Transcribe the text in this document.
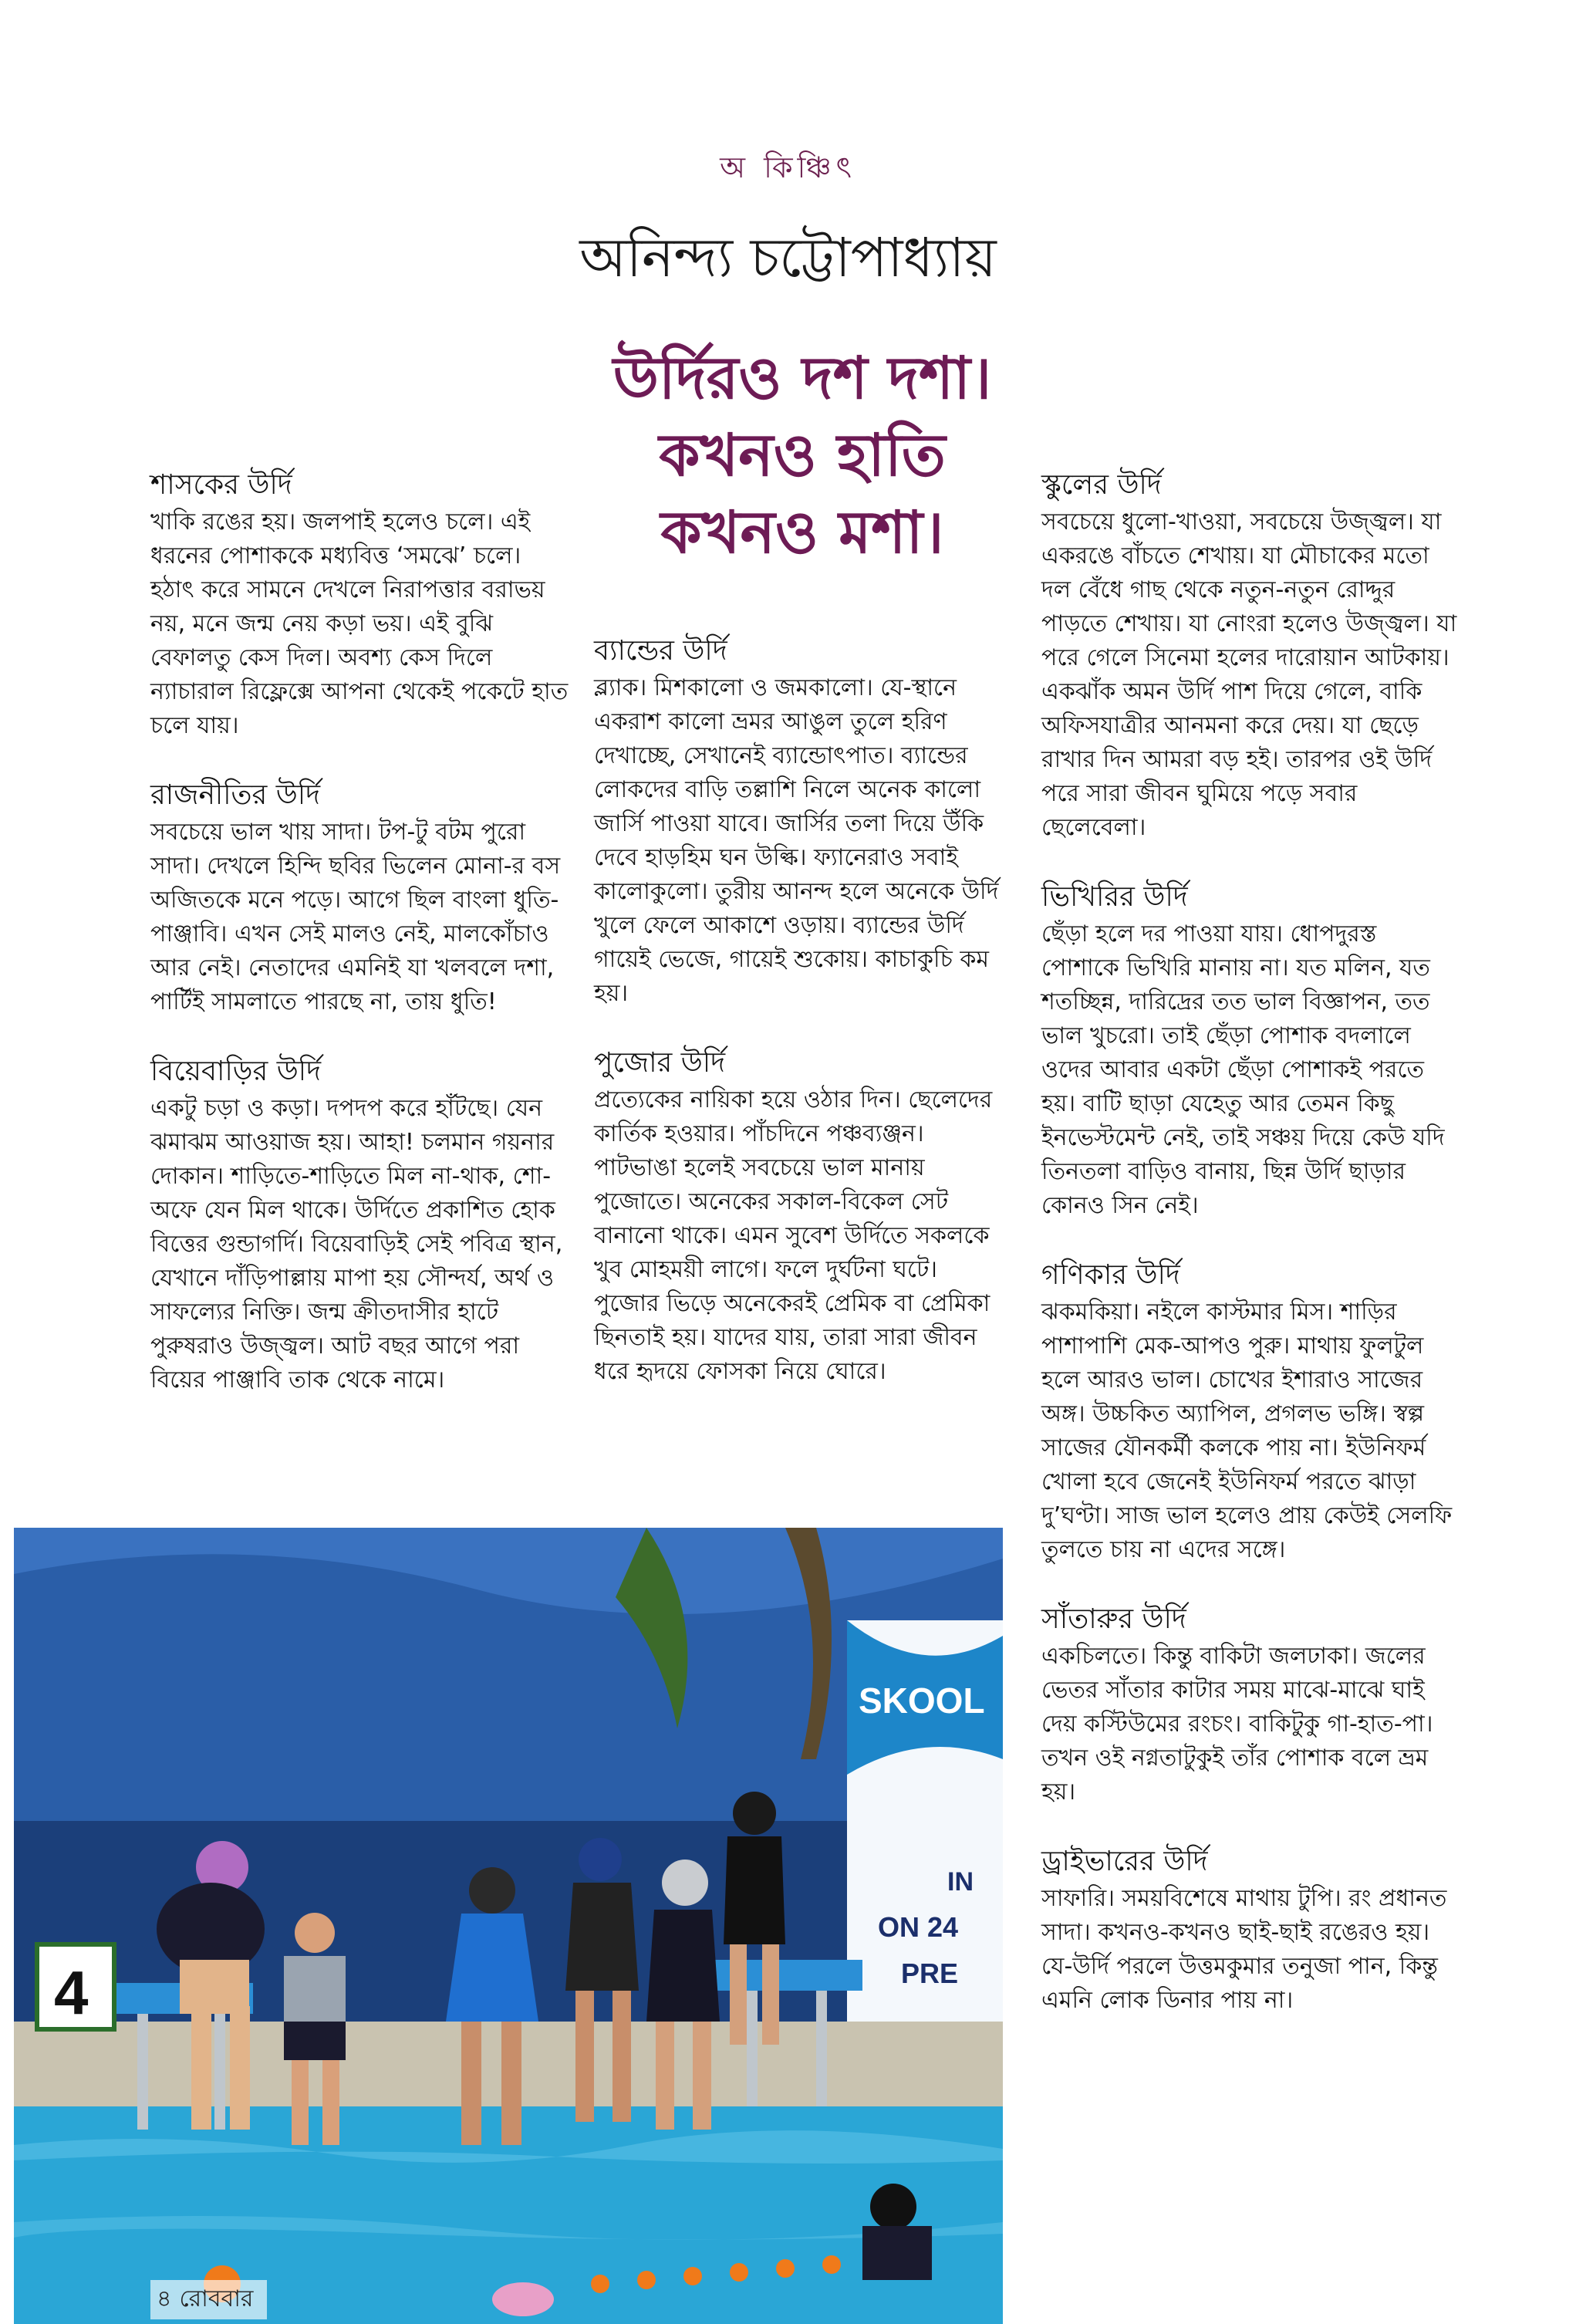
অ কিঞ্চিৎ
অনিন্দ্য চট্টোপাধ্যায়
উর্দিরও দশ দশা।
কখনও হাতি
কখনও মশা।
শাসকের উর্দি
খাকি রঙের হয়। জলপাই হলেও চলে। এই ধরনের পোশাককে মধ্যবিত্ত ‘সমঝে’ চলে। হঠাৎ করে সামনে দেখলে নিরাপত্তার বরাভয় নয়, মনে জন্ম নেয় কড়া ভয়। এই বুঝি বেফালতু কেস দিল। অবশ্য কেস দিলে ন্যাচারাল রিফ্লেক্সে আপনা থেকেই পকেটে হাত চলে যায়।
রাজনীতির উর্দি
সবচেয়ে ভাল খায় সাদা। টপ-টু বটম পুরো সাদা। দেখলে হিন্দি ছবির ভিলেন মোনা-র বস অজিতকে মনে পড়ে। আগে ছিল বাংলা ধুতি-পাঞ্জাবি। এখন সেই মালও নেই, মালকোঁচাও আর নেই। নেতাদের এমনিই যা খলবলে দশা, পার্টিই সামলাতে পারছে না, তায় ধুতি!
বিয়েবাড়ির উর্দি
একটু চড়া ও কড়া। দপদপ করে হাঁটছে। যেন ঝমাঝম আওয়াজ হয়। আহা! চলমান গয়নার দোকান। শাড়িতে-শাড়িতে মিল না-থাক, শো-অফে যেন মিল থাকে। উর্দিতে প্রকাশিত হোক বিত্তের গুন্ডাগর্দি। বিয়েবাড়িই সেই পবিত্র স্থান, যেখানে দাঁড়িপাল্লায় মাপা হয় সৌন্দর্য, অর্থ ও সাফল্যের নিক্তি। জন্ম ক্রীতদাসীর হাটে পুরুষরাও উজ্জ্বল। আট বছর আগে পরা বিয়ের পাঞ্জাবি তাক থেকে নামে।
ব্যান্ডের উর্দি
ব্ল্যাক। মিশকালো ও জমকালো। যে-স্থানে একরাশ কালো ভ্রমর আঙুল তুলে হরিণ দেখাচ্ছে, সেখানেই ব্যান্ডোৎপাত। ব্যান্ডের লোকদের বাড়ি তল্লাশি নিলে অনেক কালো জার্সি পাওয়া যাবে। জার্সির তলা দিয়ে উঁকি দেবে হাড়হিম ঘন উল্কি। ফ্যানেরাও সবাই কালোকুলো। তুরীয় আনন্দ হলে অনেকে উর্দি খুলে ফেলে আকাশে ওড়ায়। ব্যান্ডের উর্দি গায়েই ভেজে, গায়েই শুকোয়। কাচাকুচি কম হয়।
পুজোর উর্দি
প্রত্যেকের নায়িকা হয়ে ওঠার দিন। ছেলেদের কার্তিক হওয়ার। পাঁচদিনে পঞ্চব্যঞ্জন। পাটভাঙা হলেই সবচেয়ে ভাল মানায় পুজোতে। অনেকের সকাল-বিকেল সেট বানানো থাকে। এমন সুবেশ উর্দিতে সকলকে খুব মোহময়ী লাগে। ফলে দুর্ঘটনা ঘটে। পুজোর ভিড়ে অনেকেরই প্রেমিক বা প্রেমিকা ছিনতাই হয়। যাদের যায়, তারা সারা জীবন ধরে হৃদয়ে ফোসকা নিয়ে ঘোরে।
স্কুলের উর্দি
সবচেয়ে ধুলো-খাওয়া, সবচেয়ে উজ্জ্বল। যা একরঙে বাঁচতে শেখায়। যা মৌচাকের মতো দল বেঁধে গাছ থেকে নতুন-নতুন রোদ্দুর পাড়তে শেখায়। যা নোংরা হলেও উজ্জ্বল। যা পরে গেলে সিনেমা হলের দারোয়ান আটকায়। একঝাঁক অমন উর্দি পাশ দিয়ে গেলে, বাকি অফিসযাত্রীর আনমনা করে দেয়। যা ছেড়ে রাখার দিন আমরা বড় হই। তারপর ওই উর্দি পরে সারা জীবন ঘুমিয়ে পড়ে সবার ছেলেবেলা।
ভিখিরির উর্দি
ছেঁড়া হলে দর পাওয়া যায়। ধোপদুরস্ত পোশাকে ভিখিরি মানায় না। যত মলিন, যত শতচ্ছিন্ন, দারিদ্রের তত ভাল বিজ্ঞাপন, তত ভাল খুচরো। তাই ছেঁড়া পোশাক বদলালে ওদের আবার একটা ছেঁড়া পোশাকই পরতে হয়। বাটি ছাড়া যেহেতু আর তেমন কিছু ইনভেস্টমেন্ট নেই, তাই সঞ্চয় দিয়ে কেউ যদি তিনতলা বাড়িও বানায়, ছিন্ন উর্দি ছাড়ার কোনও সিন নেই।
গণিকার উর্দি
ঝকমকিয়া। নইলে কাস্টমার মিস। শাড়ির পাশাপাশি মেক-আপও পুরু। মাথায় ফুলটুল হলে আরও ভাল। চোখের ইশারাও সাজের অঙ্গ। উচ্চকিত অ্যাপিল, প্রগলভ ভঙ্গি। স্বল্প সাজের যৌনকর্মী কলকে পায় না। ইউনিফর্ম খোলা হবে জেনেই ইউনিফর্ম পরতে ঝাড়া দু’ঘণ্টা। সাজ ভাল হলেও প্রায় কেউই সেলফি তুলতে চায় না এদের সঙ্গে।
সাঁতারুর উর্দি
একচিলতে। কিন্তু বাকিটা জলঢাকা। জলের ভেতর সাঁতার কাটার সময় মাঝে-মাঝে ঘাই দেয় কস্টিউমের রংচং। বাকিটুকু গা-হাত-পা। তখন ওই নগ্নতাটুকুই তাঁর পোশাক বলে ভ্রম হয়।
ড্রাইভারের উর্দি
সাফারি। সময়বিশেষে মাথায় টুপি। রং প্রধানত সাদা। কখনও-কখনও ছাই-ছাই রঙেরও হয়। যে-উর্দি পরলে উত্তমকুমার তনুজা পান, কিন্তু এমনি লোক ডিনার পায় না।
SKOOL
IN
ON 24
PRE
4
৪ রোববার
